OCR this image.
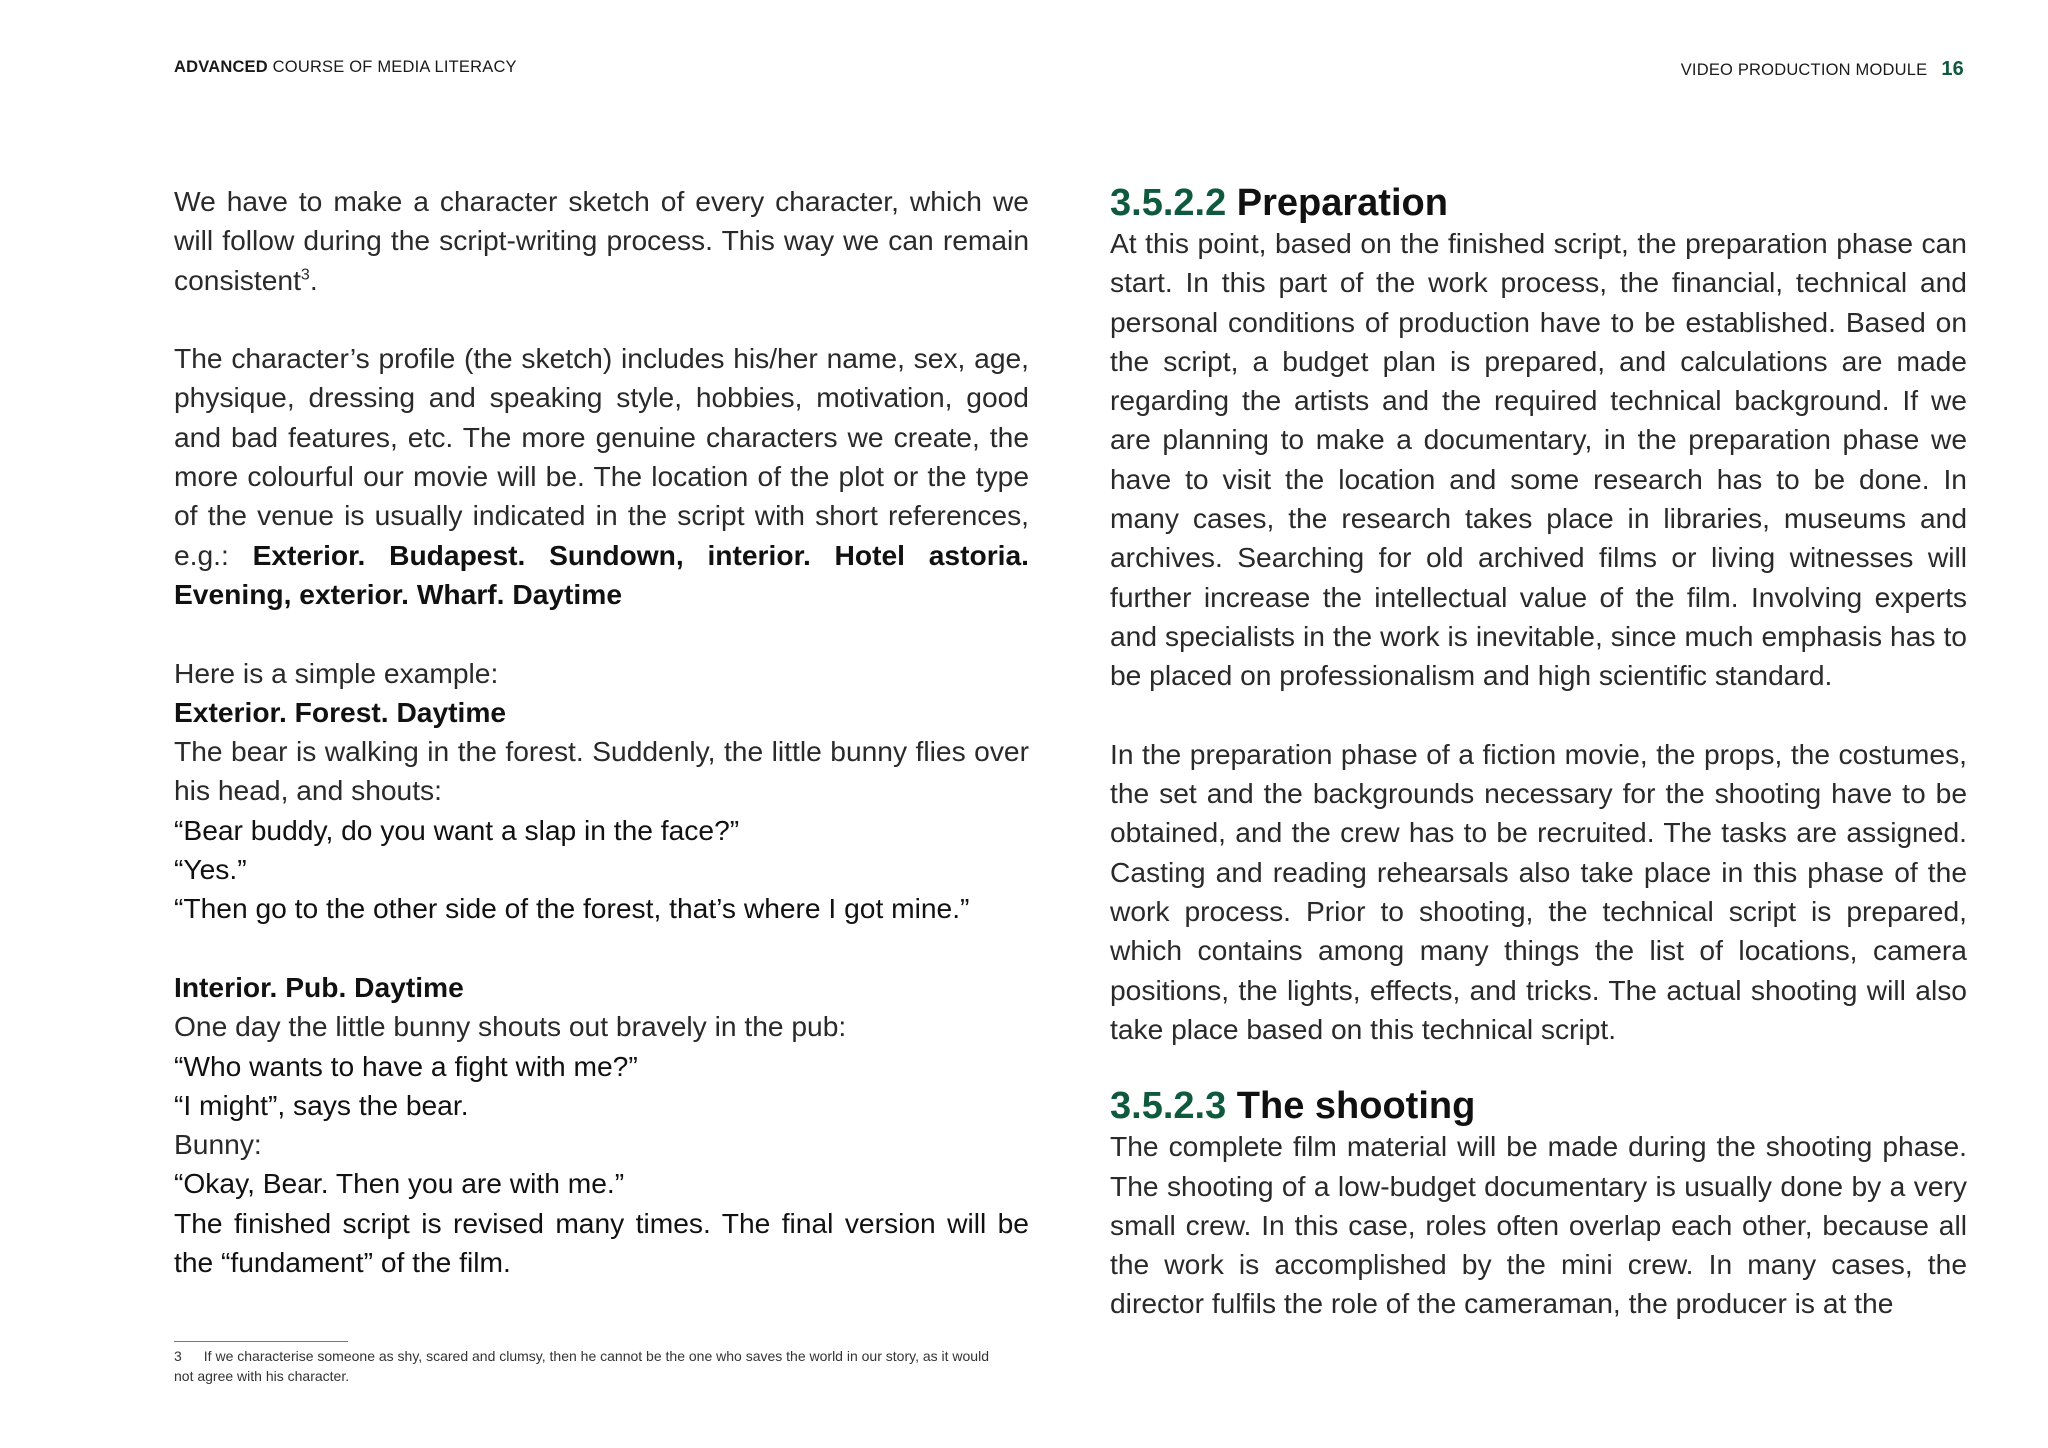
ADVANCED COURSE OF MEDIA LITERACY	VIDEO PRODUCTION MODULE 16

We have to make a character sketch of every character, which we will follow during the script-writing process. This way we can remain consistent$^3$.

The character’s profile (the sketch) includes his/her name, sex, age, physique, dressing and speaking style, hobbies, motivation, good and bad features, etc. The more genuine characters we create, the more colourful our movie will be. The location of the plot or the type of the venue is usually indicated in the script with short references, e.g.: Exterior. Budapest. Sundown, interior. Hotel astoria. Evening, exterior. Wharf. Daytime

Here is a simple example:

Exterior. Forest. Daytime

The bear is walking in the forest. Suddenly, the little bunny flies over his head, and shouts:

“Bear buddy, do you want a slap in the face?”

“Yes.”

“Then go to the other side of the forest, that’s where I got mine.”

Interior. Pub. Daytime

One day the little bunny shouts out bravely in the pub:

“Who wants to have a fight with me?”

“I might”, says the bear.

Bunny:

“Okay, Bear. Then you are with me.”

The finished script is revised many times. The final version will be the “fundament” of the film.

3.5.2.2 Preparation

At this point, based on the finished script, the preparation phase can start. In this part of the work process, the financial, technical and personal conditions of production have to be established. Based on the script, a budget plan is prepared, and calculations are made regarding the artists and the required technical background. If we are planning to make a documentary, in the preparation phase we have to visit the location and some research has to be done. In many cases, the research takes place in libraries, museums and archives. Searching for old archived films or living witnesses will further increase the intellectual value of the film. Involving experts and specialists in the work is inevitable, since much emphasis has to be placed on professionalism and high scientific standard.

In the preparation phase of a fiction movie, the props, the costumes, the set and the backgrounds necessary for the shooting have to be obtained, and the crew has to be recruited. The tasks are assigned. Casting and reading rehearsals also take place in this phase of the work process. Prior to shooting, the technical script is prepared, which contains among many things the list of locations, camera positions, the lights, effects, and tricks. The actual shooting will also take place based on this technical script.

3.5.2.3 The shooting

The complete film material will be made during the shooting phase. The shooting of a low-budget documentary is usually done by a very small crew. In this case, roles often overlap each other, because all the work is accomplished by the mini crew. In many cases, the director fulfils the role of the cameraman, the producer is at the

3 If we characterise someone as shy, scared and clumsy, then he cannot be the one who saves the world in our story, as it would not agree with his character.
